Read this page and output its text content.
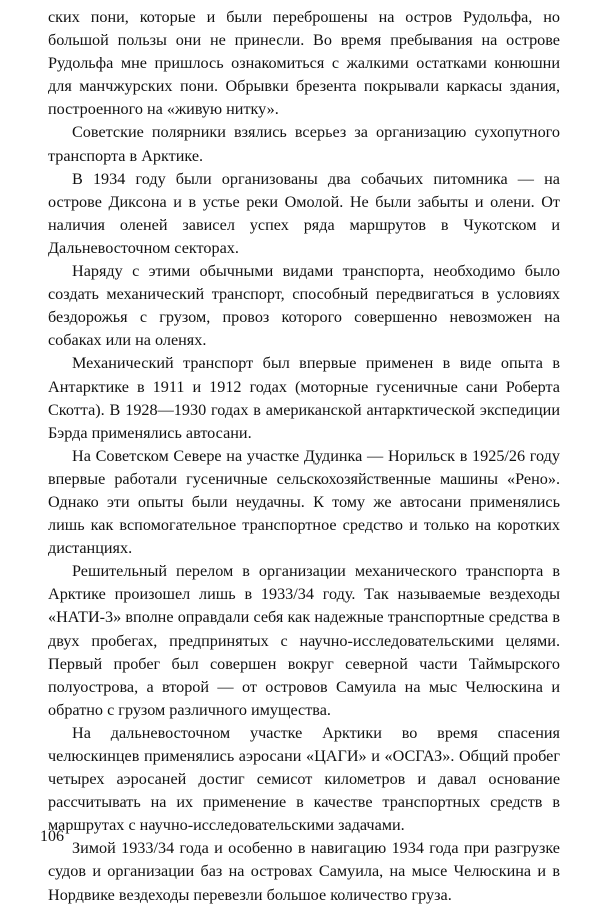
ских пони, которые и были переброшены на остров Рудольфа, но большой пользы они не принесли. Во время пребывания на острове Рудольфа мне пришлось ознакомиться с жалкими остатками конюшни для манчжурских пони. Обрывки брезента покрывали каркасы здания, построенного на «живую нитку».

Советские полярники взялись всерьез за организацию сухопутного транспорта в Арктике.

В 1934 году были организованы два собачьих питомника — на острове Диксона и в устье реки Омолой. Не были забыты и олени. От наличия оленей зависел успех ряда маршрутов в Чукотском и Дальневосточном секторах.

Наряду с этими обычными видами транспорта, необходимо было создать механический транспорт, способный передвигаться в условиях бездорожья с грузом, провоз которого совершенно невозможен на собаках или на оленях.

Механический транспорт был впервые применен в виде опыта в Антарктике в 1911 и 1912 годах (моторные гусеничные сани Роберта Скотта). В 1928—1930 годах в американской антарктической экспедиции Бэрда применялись автосани.

На Советском Севере на участке Дудинка — Норильск в 1925/26 году впервые работали гусеничные сельскохозяйственные машины «Рено». Однако эти опыты были неудачны. К тому же автосани применялись лишь как вспомогательное транспортное средство и только на коротких дистанциях.

Решительный перелом в организации механического транспорта в Арктике произошел лишь в 1933/34 году. Так называемые вездеходы «НАТИ-3» вполне оправдали себя как надежные транспортные средства в двух пробегах, предпринятых с научно-исследовательскими целями. Первый пробег был совершен вокруг северной части Таймырского полуострова, а второй — от островов Самуила на мыс Челюскина и обратно с грузом различного имущества.

На дальневосточном участке Арктики во время спасения челюскинцев применялись аэросани «ЦАГИ» и «ОСГАЗ». Общий пробег четырех аэросаней достиг семисот километров и давал основание рассчитывать на их применение в качестве транспортных средств в маршрутах с научно-исследовательскими задачами.

Зимой 1933/34 года и особенно в навигацию 1934 года при разгрузке судов и организации баз на островах Самуила, на мысе Челюскина и в Нордвике вездеходы перевезли большое количество груза.

106
